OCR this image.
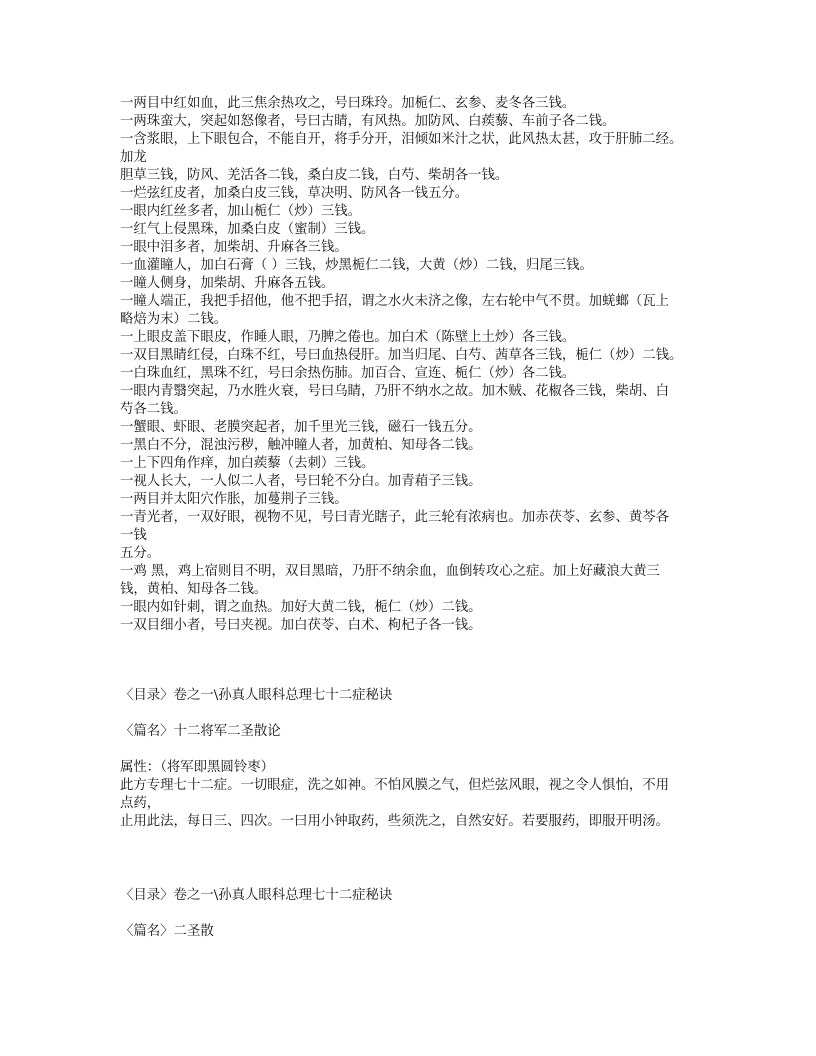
一两目中红如血，此三焦余热攻之，号曰珠玲。加栀仁、玄参、麦冬各三钱。

一两珠蛮大，突起如怒像者，号曰古睛，有风热。加防风、白蒺藜、车前子各二钱。

一含浆眼，上下眼包合，不能自开，将手分开，泪倾如米汁之状，此风热太甚，攻于肝肺二经。

加龙

胆草三钱，防风、羌活各二钱，桑白皮二钱，白芍、柴胡各一钱。

一烂弦红皮者，加桑白皮三钱，草决明、防风各一钱五分。

一眼内红丝多者，加山栀仁（炒）三钱。

一红气上侵黑珠，加桑白皮（蜜制）三钱。

一眼中泪多者，加柴胡、升麻各三钱。

一血灌瞳人，加白石膏（ ）三钱，炒黑栀仁二钱，大黄（炒）二钱，归尾三钱。

一瞳人侧身，加柴胡、升麻各五钱。

一瞳人端正，我把手招他，他不把手招，谓之水火未济之像，左右轮中气不贯。加蜣螂（瓦上

略焙为末）二钱。

一上眼皮盖下眼皮，作睡人眼，乃脾之倦也。加白术（陈壁上土炒）各三钱。

一双目黑睛红侵，白珠不红，号曰血热侵肝。加当归尾、白芍、茜草各三钱，栀仁（炒）二钱。

一白珠血红，黑珠不红，号曰余热伤肺。加百合、宣连、栀仁（炒）各二钱。

一眼内青翳突起，乃水胜火衰，号曰乌睛，乃肝不纳水之故。加木贼、花椒各三钱，柴胡、白

芍各二钱。

一蟹眼、虾眼、老膜突起者，加千里光三钱，磁石一钱五分。

一黑白不分，混浊污秽，触冲瞳人者，加黄柏、知母各二钱。

一上下四角作痒，加白蒺藜（去刺）三钱。

一视人长大，一人似二人者，号曰轮不分白。加青葙子三钱。

一两目并太阳穴作胀，加蔓荆子三钱。

一青光者，一双好眼，视物不见，号曰青光瞎子，此三轮有浓病也。加赤茯苓、玄参、黄芩各

一钱

五分。

一鸡 黑，鸡上宿则目不明，双目黑暗，乃肝不纳余血，血倒转攻心之症。加上好藏浪大黄三

钱，黄柏、知母各二钱。

一眼内如针刺，谓之血热。加好大黄二钱，栀仁（炒）二钱。

一双目细小者，号曰夹视。加白茯苓、白术、枸杞子各一钱。

〈目录〉卷之一\孙真人眼科总理七十二症秘诀

〈篇名〉十二将军二圣散论

属性：（将军即黑圆铃枣）

此方专理七十二症。一切眼症，洗之如神。不怕风膜之气，但烂弦风眼，视之令人惧怕，不用

点药，

止用此法，每日三、四次。一曰用小钟取药，些须洗之，自然安好。若要服药，即服开明汤。

〈目录〉卷之一\孙真人眼科总理七十二症秘诀

〈篇名〉二圣散
